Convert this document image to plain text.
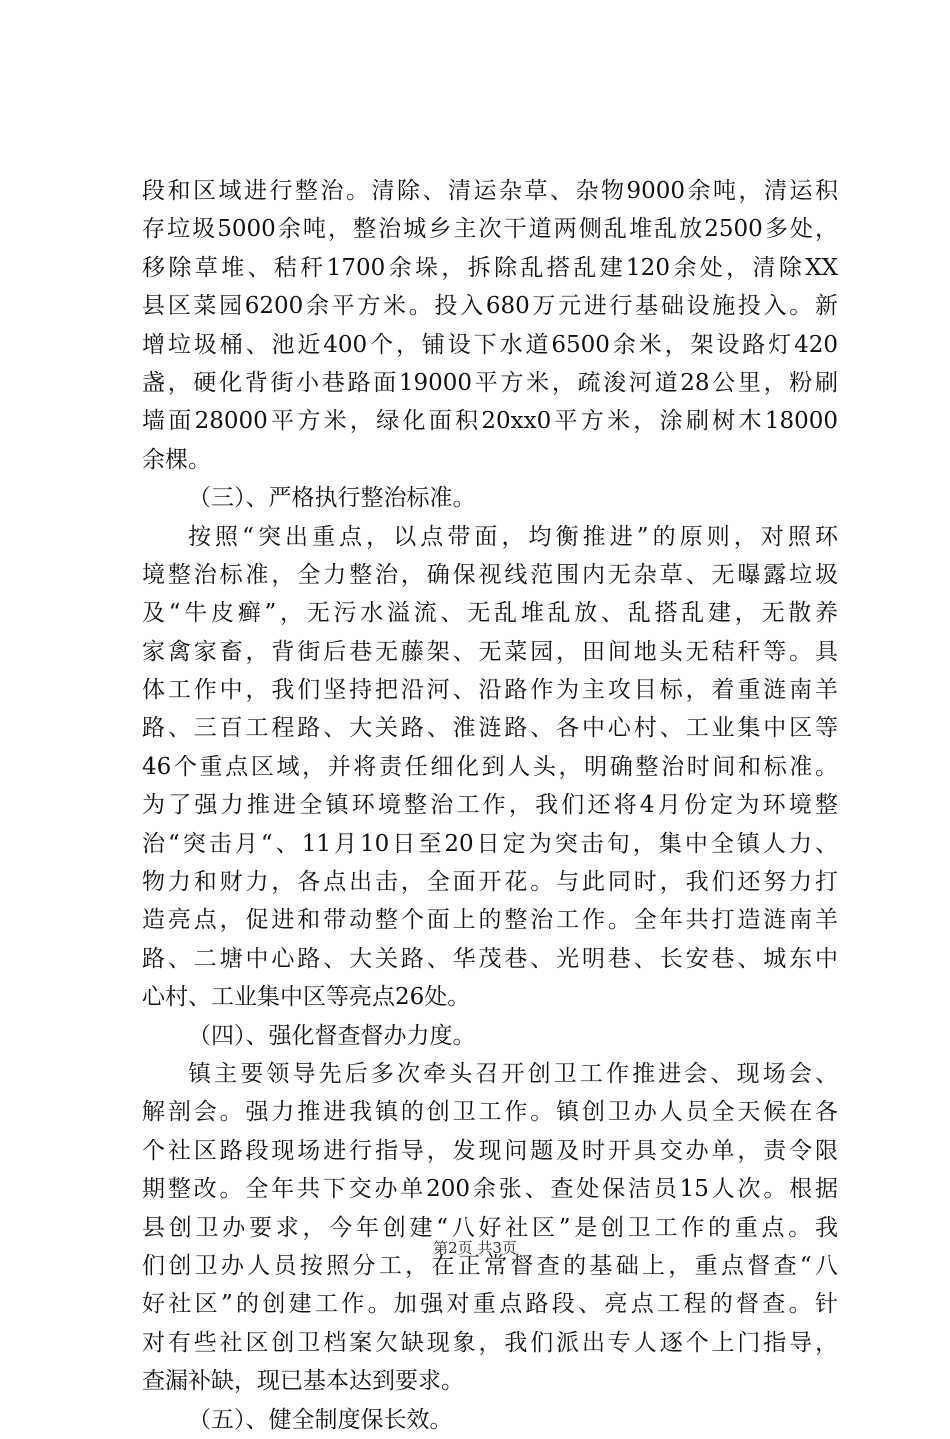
段和区域进行整治。清除、清运杂草、杂物9000余吨，清运积
存垃圾5000余吨，整治城乡主次干道两侧乱堆乱放2500多处，
移除草堆、秸秆1700余垛，拆除乱搭乱建120余处，清除XX
县区菜园6200余平方米。投入680万元进行基础设施投入。新
增垃圾桶、池近400个，铺设下水道6500余米，架设路灯420
盏，硬化背街小巷路面19000平方米，疏浚河道28公里，粉刷
墙面28000平方米，绿化面积20xx0平方米，涂刷树木18000
余棵。
（三）、严格执行整治标准。
按照“突出重点，以点带面，均衡推进”的原则，对照环
境整治标准，全力整治，确保视线范围内无杂草、无曝露垃圾
及“牛皮癣”，无污水溢流、无乱堆乱放、乱搭乱建，无散养
家禽家畜，背街后巷无藤架、无菜园，田间地头无秸秆等。具
体工作中，我们坚持把沿河、沿路作为主攻目标，着重涟南羊
路、三百工程路、大关路、淮涟路、各中心村、工业集中区等
46个重点区域，并将责任细化到人头，明确整治时间和标准。
为了强力推进全镇环境整治工作，我们还将4月份定为环境整
治“突击月“、11月10日至20日定为突击旬，集中全镇人力、
物力和财力，各点出击，全面开花。与此同时，我们还努力打
造亮点，促进和带动整个面上的整治工作。全年共打造涟南羊
路、二塘中心路、大关路、华茂巷、光明巷、长安巷、城东中
心村、工业集中区等亮点26处。
（四）、强化督查督办力度。
镇主要领导先后多次牵头召开创卫工作推进会、现场会、
解剖会。强力推进我镇的创卫工作。镇创卫办人员全天候在各
个社区路段现场进行指导，发现问题及时开具交办单，责令限
期整改。全年共下交办单200余张、查处保洁员15人次。根据
县创卫办要求，今年创建“八好社区”是创卫工作的重点。我
们创卫办人员按照分工，在正常督查的基础上，重点督查“八
好社区”的创建工作。加强对重点路段、亮点工程的督查。针
对有些社区创卫档案欠缺现象，我们派出专人逐个上门指导，
查漏补缺，现已基本达到要求。
（五）、健全制度保长效。
第2页 共3页
